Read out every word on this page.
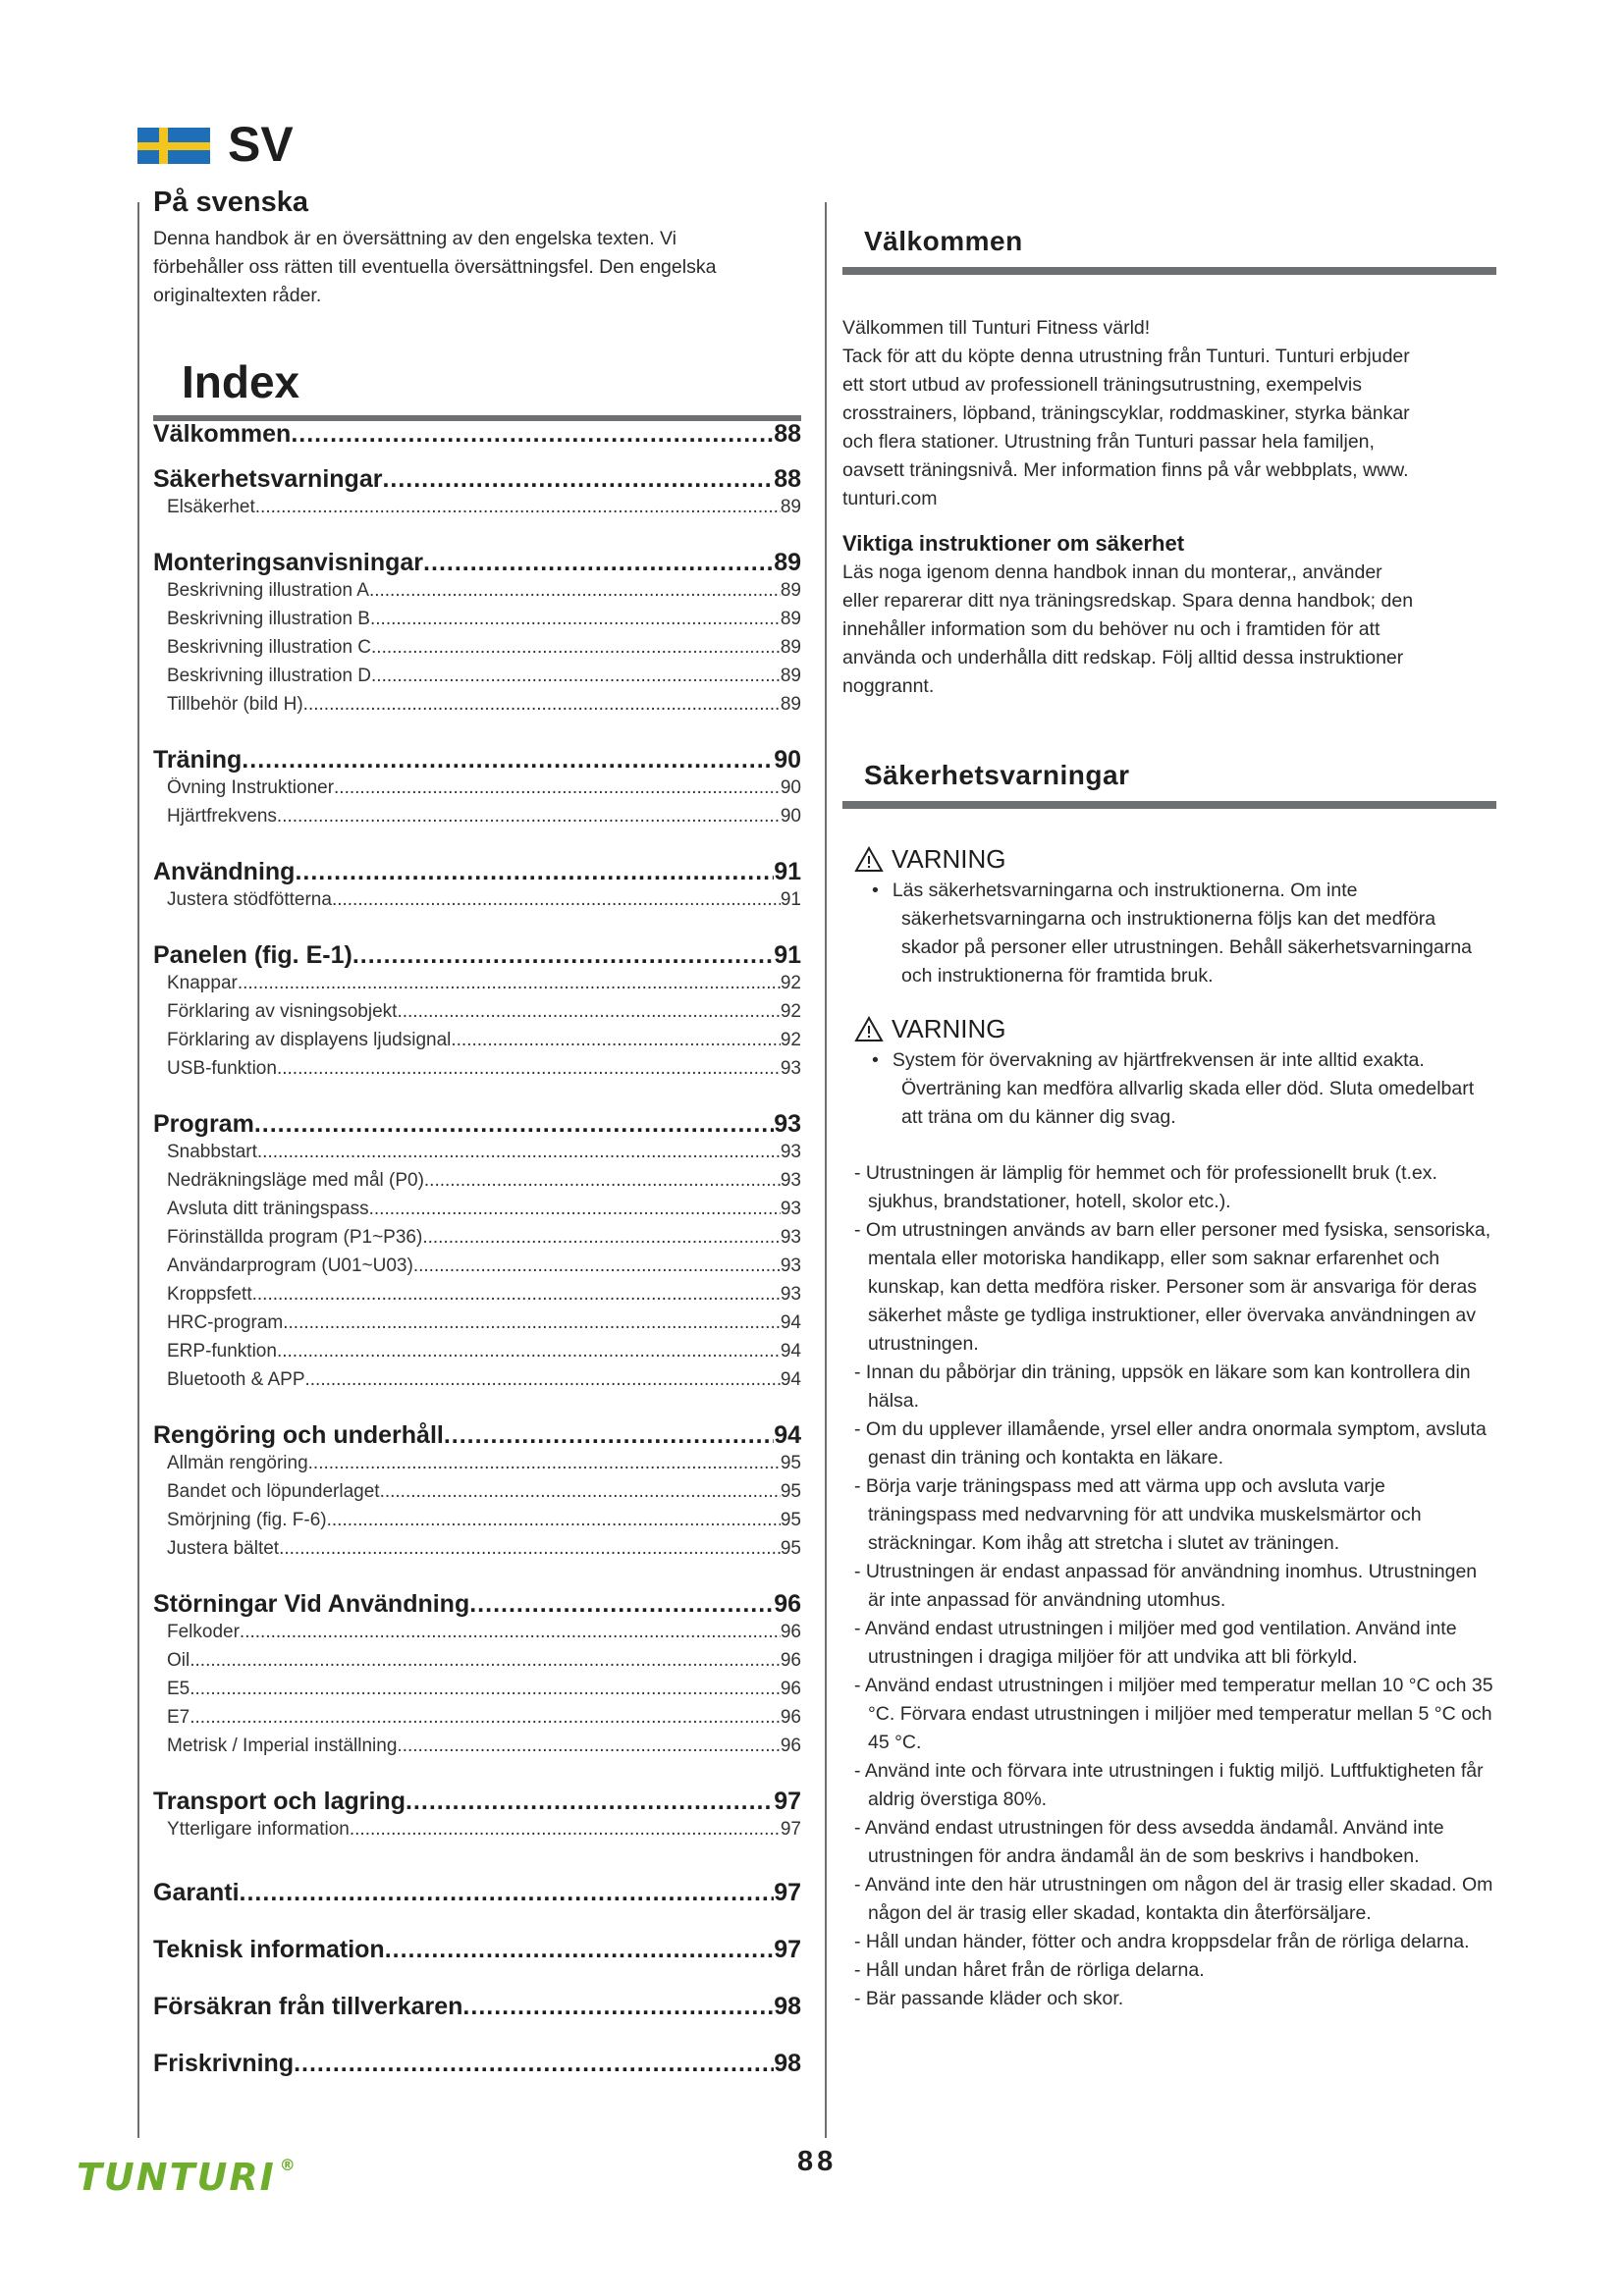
SV
På svenska

Denna handbok är en översättning av den engelska texten. Vi

förbehåller oss rätten till eventuella översättningsfel. Den engelska

originaltexten råder.

Index
Välkommen .....	88
Säkerhetsvarningar .....	88
Elsäkerhet .....	89
Monteringsanvisningar .....	89
Beskrivning illustration A .....	89
Beskrivning illustration B .....	89
Beskrivning illustration C .....	89
Beskrivning illustration D .....	89
Tillbehör (bild H) .....	89
Träning .....	90
Övning Instruktioner .....	90
Hjärtfrekvens .....	90
Användning .....	91
Justera stödfötterna .....	91
Panelen (fig. E-1) .....	91
Knappar .....	92
Förklaring av visningsobjekt .....	92
Förklaring av displayens ljudsignal .....	92
USB-funktion .....	93
Program .....	93
Snabbstart .....	93
Nedräkningsläge med mål (P0) .....	93
Avsluta ditt träningspass .....	93
Förinställda program (P1~P36) .....	93
Användarprogram (U01~U03) .....	93
Kroppsfett .....	93
HRC-program .....	94
ERP-funktion .....	94
Bluetooth & APP .....	94
Rengöring och underhåll .....	94
Allmän rengöring .....	95
Bandet och löpunderlaget .....	95
Smörjning (fig. F-6) .....	95
Justera bältet .....	95
Störningar Vid Användning .....	96
Felkoder .....	96
Oil .....	96
E5 .....	96
E7 .....	96
Metrisk / Imperial inställning .....	96
Transport och lagring .....	97
Ytterligare information .....	97
Garanti .....	97
Teknisk information .....	97
Försäkran från tillverkaren .....	98
Friskrivning .....	98
Välkommen

Välkommen till Tunturi Fitness värld!

Tack för att du köpte denna utrustning från Tunturi. Tunturi erbjuder

ett stort utbud av professionell träningsutrustning, exempelvis

crosstrainers, löpband, träningscyklar, roddmaskiner, styrka bänkar

och flera stationer. Utrustning från Tunturi passar hela familjen,

oavsett träningsnivå. Mer information finns på vår webbplats, www.

tunturi.com

Viktiga instruktioner om säkerhet

Läs noga igenom denna handbok innan du monterar,, använder

eller reparerar ditt nya träningsredskap. Spara denna handbok; den

innehåller information som du behöver nu och i framtiden för att

använda och underhålla ditt redskap. Följ alltid dessa instruktioner

noggrannt.

Säkerhetsvarningar
VARNING

• Läs säkerhetsvarningarna och instruktionerna. Om inte säkerhetsvarningarna och instruktionerna följs kan det medföra skador på personer eller utrustningen. Behåll säkerhetsvarningarna och instruktionerna för framtida bruk.

VARNING

• System för övervakning av hjärtfrekvensen är inte alltid exakta. Överträning kan medföra allvarlig skada eller död. Sluta omedelbart att träna om du känner dig svag.

- Utrustningen är lämplig för hemmet och för professionellt bruk (t.ex. sjukhus, brandstationer, hotell, skolor etc.).
- Om utrustningen används av barn eller personer med fysiska, sensoriska, mentala eller motoriska handikapp, eller som saknar erfarenhet och kunskap, kan detta medföra risker. Personer som är ansvariga för deras säkerhet måste ge tydliga instruktioner, eller övervaka användningen av utrustningen.
- Innan du påbörjar din träning, uppsök en läkare som kan kontrollera din hälsa.
- Om du upplever illamående, yrsel eller andra onormala symptom, avsluta genast din träning och kontakta en läkare.
- Börja varje träningspass med att värma upp och avsluta varje träningspass med nedvarvning för att undvika muskelsmärtor och sträckningar. Kom ihåg att stretcha i slutet av träningen.
- Utrustningen är endast anpassad för användning inomhus. Utrustningen är inte anpassad för användning utomhus.
- Använd endast utrustningen i miljöer med god ventilation. Använd inte utrustningen i dragiga miljöer för att undvika att bli förkyld.
- Använd endast utrustningen i miljöer med temperatur mellan 10 °C och 35 °C. Förvara endast utrustningen i miljöer med temperatur mellan 5 °C och 45 °C.
- Använd inte och förvara inte utrustningen i fuktig miljö. Luftfuktigheten får aldrig överstiga 80%.
- Använd endast utrustningen för dess avsedda ändamål. Använd inte utrustningen för andra ändamål än de som beskrivs i handboken.
- Använd inte den här utrustningen om någon del är trasig eller skadad. Om någon del är trasig eller skadad, kontakta din återförsäljare.
- Håll undan händer, fötter och andra kroppsdelar från de rörliga delarna.
- Håll undan håret från de rörliga delarna.
- Bär passande kläder och skor.
TUNTURI ®	88
